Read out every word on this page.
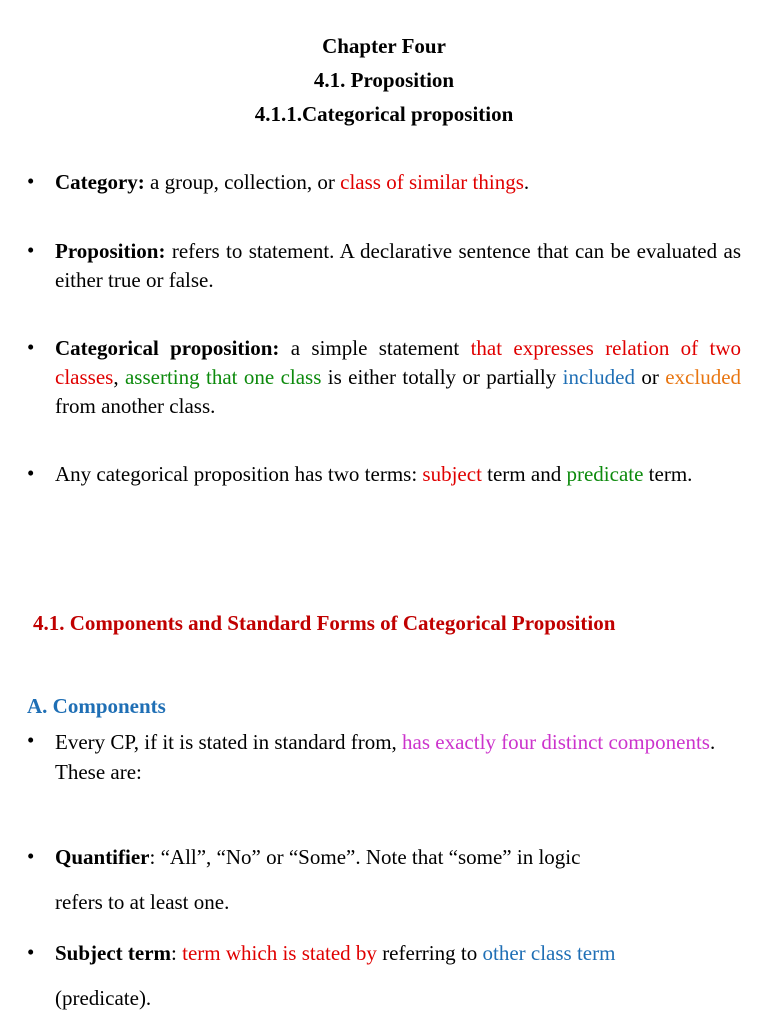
Chapter Four
4.1. Proposition
4.1.1.Categorical proposition
• Category: a group, collection, or class of similar things.
• Proposition: refers to statement. A declarative sentence that can be evaluated as either true or false.
• Categorical proposition: a simple statement that expresses relation of two classes, asserting that one class is either totally or partially included or excluded from another class.
• Any categorical proposition has two terms: subject term and predicate term.
4.1. Components and Standard Forms of Categorical Proposition
A. Components
• Every CP, if it is stated in standard from, has exactly four distinct components. These are:
• Quantifier: “All”, “No” or “Some”. Note that “some” in logic
refers to at least one.
• Subject term: term which is stated by referring to other class term
(predicate).
